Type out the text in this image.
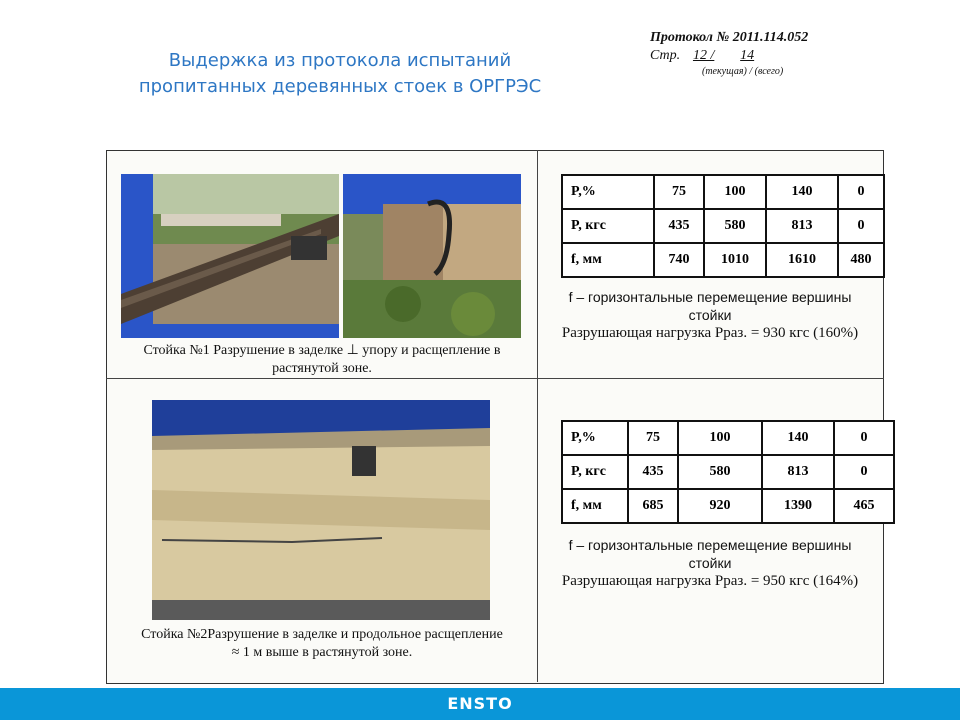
Выдержка из протокола испытаний
пропитанных деревянных стоек в ОРГРЭС
Протокол № 2011.114.052
Стр. 12 / 14
(текущая) / (всего)
Стойка №1 Разрушение в заделке ⊥ упору и расщепление в
растянутой зоне.
P,%	75	100	140	0
P, кгс	435	580	813	0
f, мм	740	1010	1610	480
f – горизонтальные перемещение вершины
стойки
Разрушающая нагрузка Рраз. = 930 кгс (160%)
Стойка №2Разрушение в заделке и продольное расщепление
≈ 1 м выше в растянутой зоне.
P,%	75	100	140	0
P, кгс	435	580	813	0
f, мм	685	920	1390	465
f – горизонтальные перемещение вершины
стойки
Разрушающая нагрузка Рраз. = 950 кгс (164%)
ENSTO
